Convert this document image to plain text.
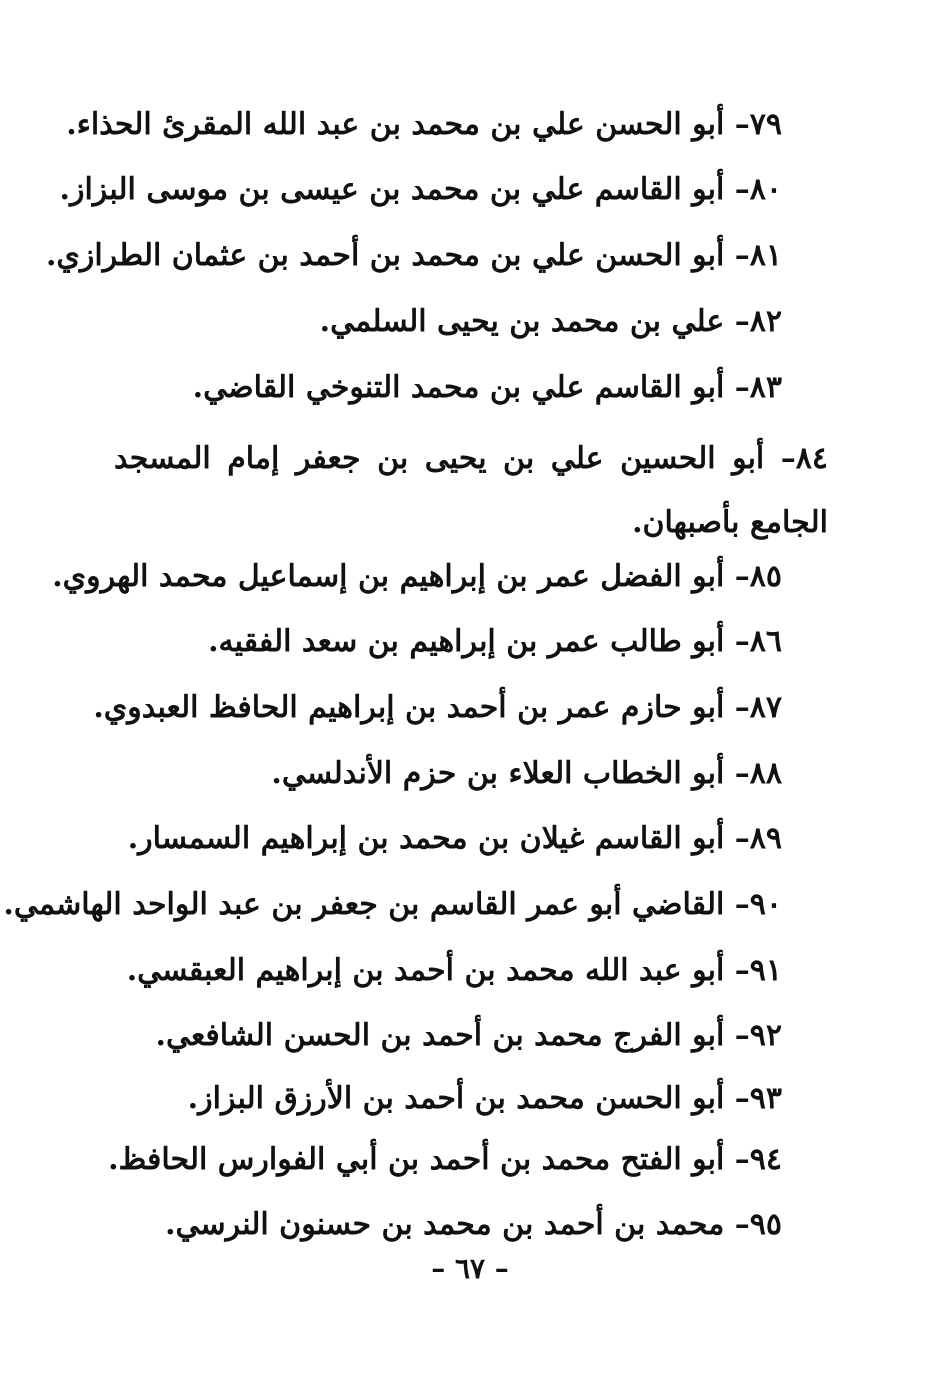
٧٩– أبو الحسن علي بن محمد بن عبد الله المقرئ الحذاء.
٨٠– أبو القاسم علي بن محمد بن عيسى بن موسى البزاز.
٨١– أبو الحسن علي بن محمد بن أحمد بن عثمان الطرازي.
٨٢– علي بن محمد بن يحيى السلمي.
٨٣– أبو القاسم علي بن محمد التنوخي القاضي.
٨٤– أبو الحسين علي بن يحيى بن جعفر إمام المسجد الجامع بأصبهان.
٨٥– أبو الفضل عمر بن إبراهيم بن إسماعيل محمد الهروي.
٨٦– أبو طالب عمر بن إبراهيم بن سعد الفقيه.
٨٧– أبو حازم عمر بن أحمد بن إبراهيم الحافظ العبدوي.
٨٨– أبو الخطاب العلاء بن حزم الأندلسي.
٨٩– أبو القاسم غيلان بن محمد بن إبراهيم السمسار.
٩٠– القاضي أبو عمر القاسم بن جعفر بن عبد الواحد الهاشمي.
٩١– أبو عبد الله محمد بن أحمد بن إبراهيم العبقسي.
٩٢– أبو الفرج محمد بن أحمد بن الحسن الشافعي.
٩٣– أبو الحسن محمد بن أحمد بن الأرزق البزاز.
٩٤– أبو الفتح محمد بن أحمد بن أبي الفوارس الحافظ.
٩٥– محمد بن أحمد بن محمد بن حسنون النرسي.
– ٦٧ –
